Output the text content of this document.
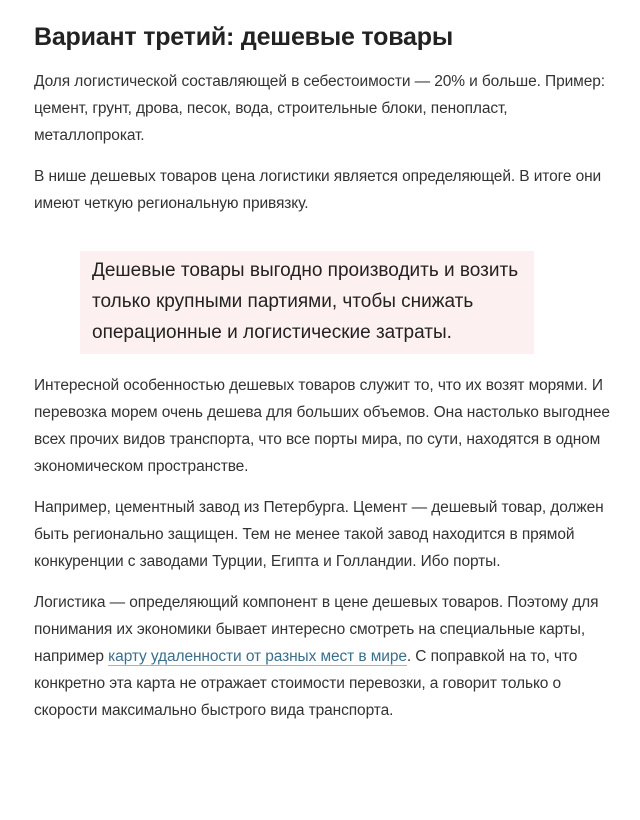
Вариант третий: дешевые товары

Доля логистической составляющей в себестоимости — 20% и больше. Пример: цемент, грунт, дрова, песок, вода, строительные блоки, пенопласт, металлопрокат.

В нише дешевых товаров цена логистики является определяющей. В итоге они имеют четкую региональную привязку.

Дешевые товары выгодно производить и возить только крупными партиями, чтобы снижать операционные и логистические затраты.

Интересной особенностью дешевых товаров служит то, что их возят морями. И перевозка морем очень дешева для больших объемов. Она настолько выгоднее всех прочих видов транспорта, что все порты мира, по сути, находятся в одном экономическом пространстве.

Например, цементный завод из Петербурга. Цемент — дешевый товар, должен быть регионально защищен. Тем не менее такой завод находится в прямой конкуренции с заводами Турции, Египта и Голландии. Ибо порты.

Логистика — определяющий компонент в цене дешевых товаров. Поэтому для понимания их экономики бывает интересно смотреть на специальные карты, например карту удаленности от разных мест в мире. С поправкой на то, что конкретно эта карта не отражает стоимости перевозки, а говорит только о скорости максимально быстрого вида транспорта.
